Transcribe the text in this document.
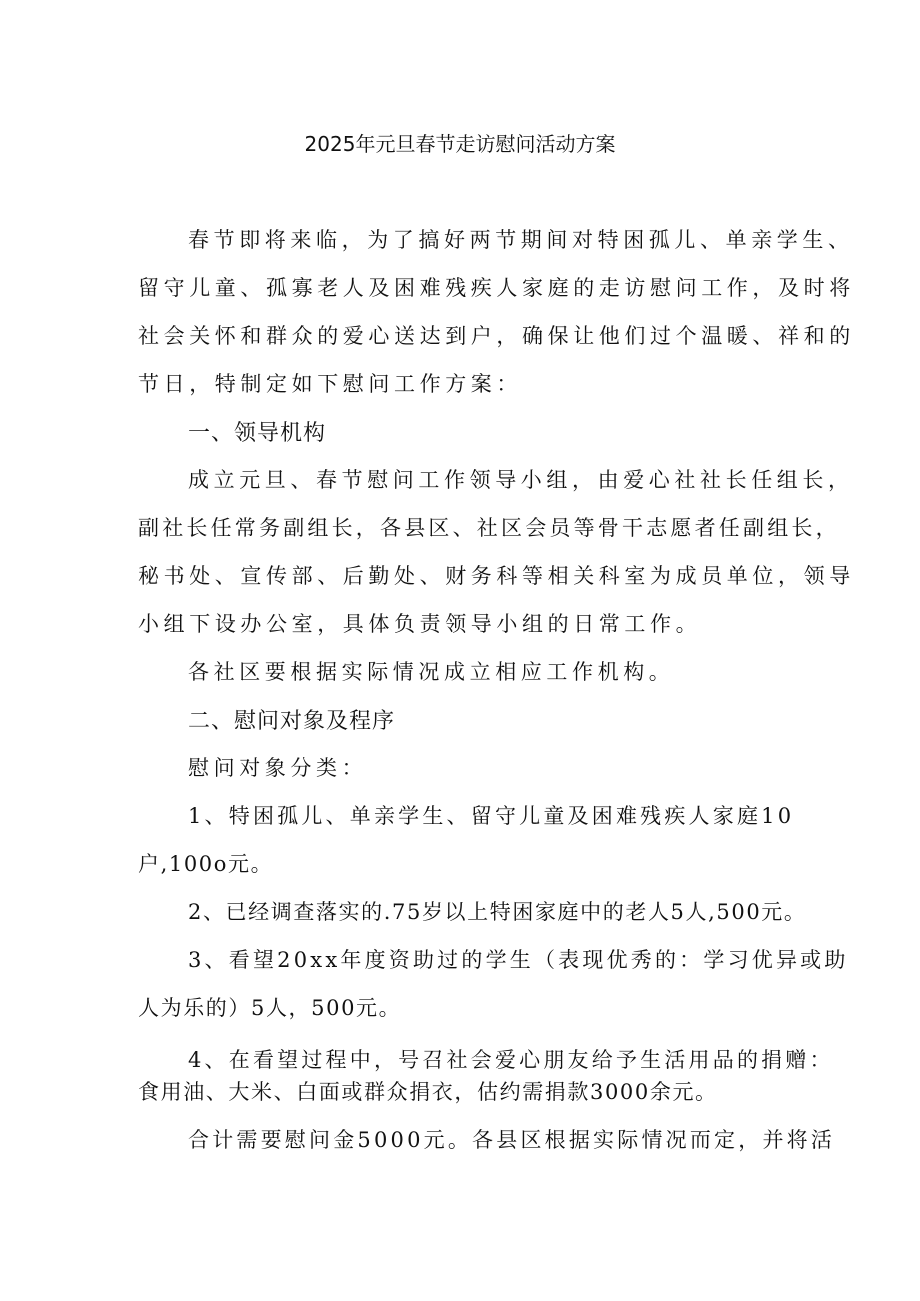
2025年元旦春节走访慰问活动方案
春节即将来临，为了搞好两节期间对特困孤儿、单亲学生、
留守儿童、孤寡老人及困难残疾人家庭的走访慰问工作，及时将
社会关怀和群众的爱心送达到户，确保让他们过个温暖、祥和的
节日，特制定如下慰问工作方案：
一、领导机构
成立元旦、春节慰问工作领导小组，由爱心社社长任组长，
副社长任常务副组长，各县区、社区会员等骨干志愿者任副组长，
秘书处、宣传部、后勤处、财务科等相关科室为成员单位，领导
小组下设办公室，具体负责领导小组的日常工作。
各社区要根据实际情况成立相应工作机构。
二、慰问对象及程序
慰问对象分类：
1、特困孤儿、单亲学生、留守儿童及困难残疾人家庭10
户,100o元。
2、已经调查落实的.75岁以上特困家庭中的老人5人,500元。
3、看望20xx年度资助过的学生（表现优秀的：学习优异或助
人为乐的）5人，500元。
4、在看望过程中，号召社会爱心朋友给予生活用品的捐赠：
食用油、大米、白面或群众捐衣，估约需捐款3000余元。
合计需要慰问金5000元。各县区根据实际情况而定，并将活
